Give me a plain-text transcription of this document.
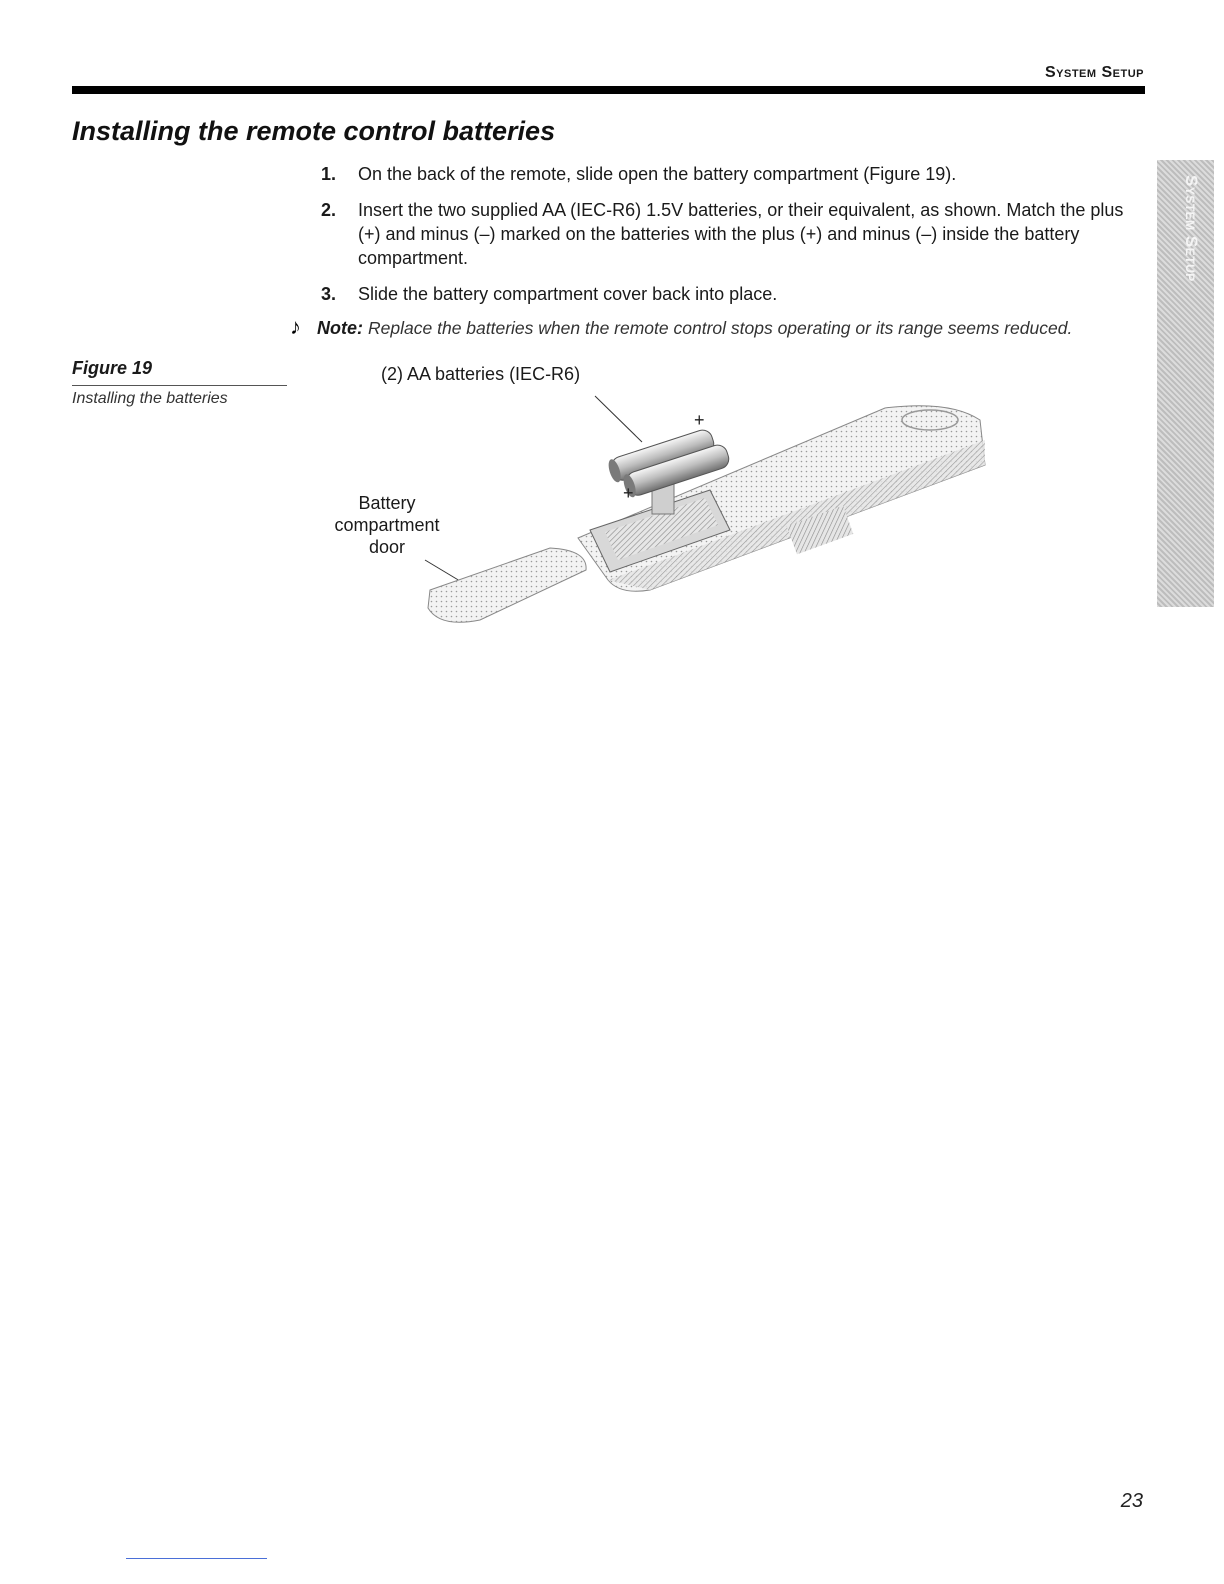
System Setup
Installing the remote control batteries
1.	On the back of the remote, slide open the battery compartment (Figure 19).
2.	Insert the two supplied AA (IEC-R6) 1.5V batteries, or their equivalent, as shown. Match the plus (+) and minus (–) marked on the batteries with the plus (+) and minus (–) inside the battery compartment.
3.	Slide the battery compartment cover back into place.
♪ Note: Replace the batteries when the remote control stops operating or its range seems reduced.
Figure 19
Installing the batteries
(2) AA batteries (IEC-R6)
Battery
compartment
door
+
+
System Setup
23
